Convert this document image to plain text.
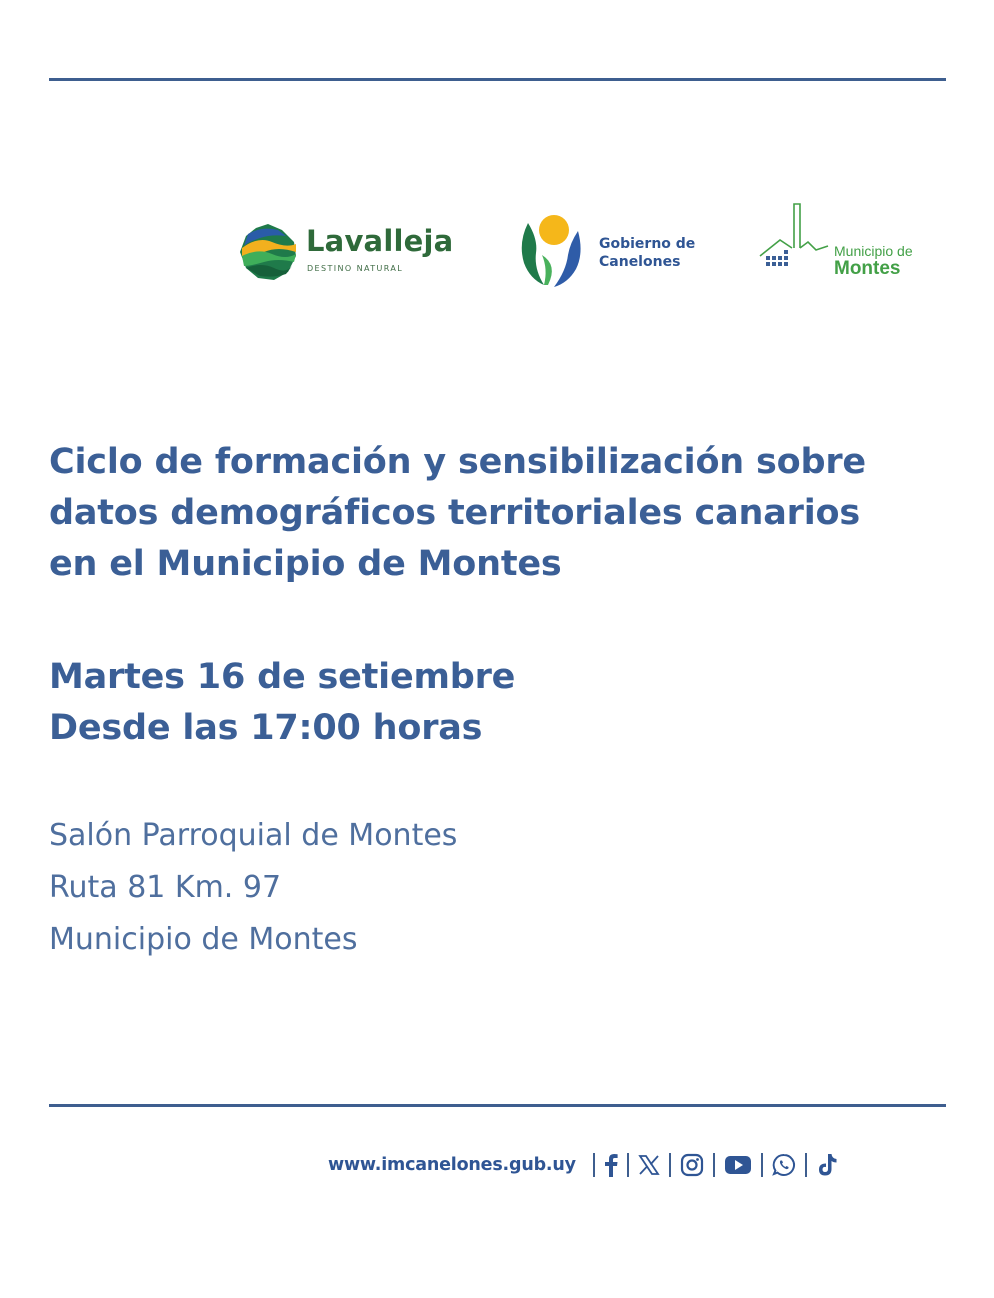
Lavalleja
DESTINO NATURAL
Gobierno de
Canelones
Municipio de
Montes
Ciclo de formación y sensibilización sobre
datos demográficos territoriales canarios
en el Municipio de Montes
Martes 16 de setiembre
Desde las 17:00 horas
Salón Parroquial de Montes
Ruta 81 Km. 97
Municipio de Montes
www.imcanelones.gub.uy
